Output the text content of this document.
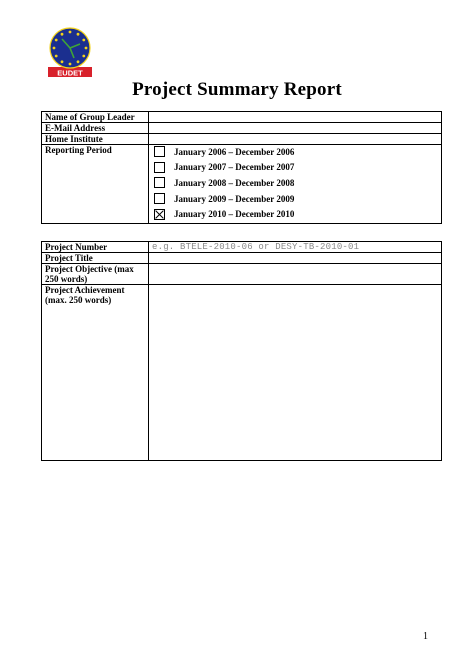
EUDET
Project Summary Report
Name of Group Leader	
E-Mail Address	
Home Institute	
Reporting Period	January 2006 – December 2006
January 2007 – December 2007
January 2008 – December 2008
January 2009 – December 2009
January 2010 – December 2010
Project Number	e.g. BTELE-2010-06 or DESY-TB-2010-01
Project Title	

Project Objective (max
250 words)	

Project Achievement
(max. 250 words)	

1
